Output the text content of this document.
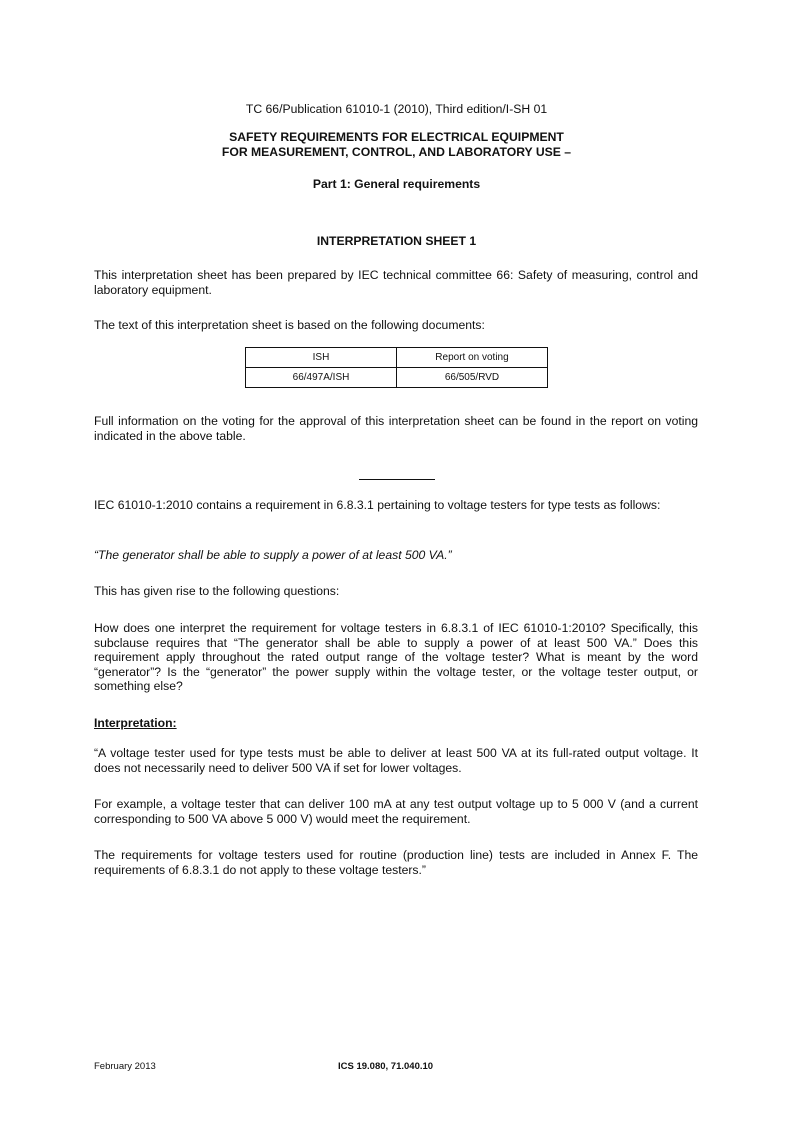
TC 66/Publication 61010-1 (2010), Third edition/I-SH 01
SAFETY REQUIREMENTS FOR ELECTRICAL EQUIPMENT
FOR MEASUREMENT, CONTROL, AND LABORATORY USE –
Part 1: General requirements
INTERPRETATION SHEET 1

This interpretation sheet has been prepared by IEC technical committee 66: Safety of measuring, control and laboratory equipment.

The text of this interpretation sheet is based on the following documents:

ISH	Report on voting
66/497A/ISH	66/505/RVD

Full information on the voting for the approval of this interpretation sheet can be found in the report on voting indicated in the above table.

IEC 61010-1:2010 contains a requirement in 6.8.3.1 pertaining to voltage testers for type tests as follows:

“The generator shall be able to supply a power of at least 500 VA.”

This has given rise to the following questions:

How does one interpret the requirement for voltage testers in 6.8.3.1 of IEC 61010-1:2010? Specifically, this subclause requires that “The generator shall be able to supply a power of at least 500 VA.” Does this requirement apply throughout the rated output range of the voltage tester? What is meant by the word “generator”? Is the “generator” the power supply within the voltage tester, or the voltage tester output, or something else?

Interpretation:

“A voltage tester used for type tests must be able to deliver at least 500 VA at its full-rated output voltage. It does not necessarily need to deliver 500 VA if set for lower voltages.

For example, a voltage tester that can deliver 100 mA at any test output voltage up to 5 000 V (and a current corresponding to 500 VA above 5 000 V) would meet the requirement.

The requirements for voltage testers used for routine (production line) tests are included in Annex F. The requirements of 6.8.3.1 do not apply to these voltage testers.”

February 2013	ICS 19.080, 71.040.10
